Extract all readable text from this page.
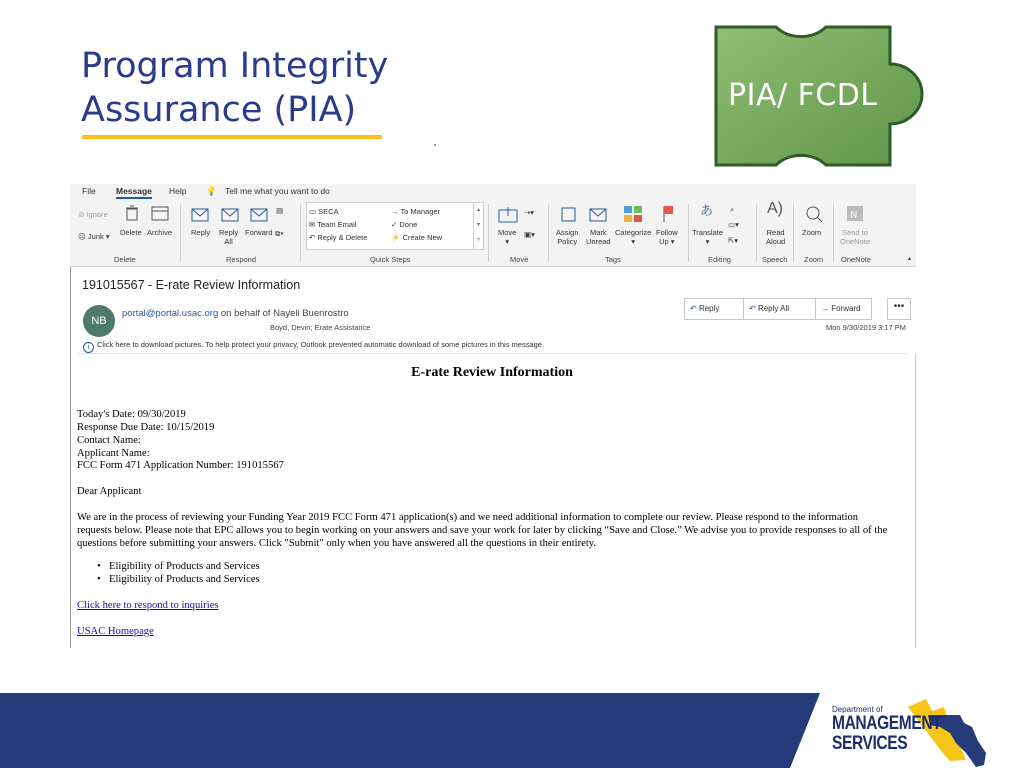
Program Integrity
Assurance (PIA)	PIA/ FCDL
File Message Help 💡 Tell me what you want to do
⊘ Ignore
☹ Junk ▾ Delete Archive
Delete
Reply Reply
All
Forward
▤
⧉▾
Respond
▭ SECA
✉ Team Email
↶ Reply & Delete
→ To Manager
✓ Done
⚡ Create New
▴
▾
▿
Quick Steps
Move
▾
⇢▾
▣▾
Move
Assign
Policy
Mark
Unread
Categorize
▾
Follow
Up ▾
Tags
あ
Translate
▾
⌕
▭▾
⇱▾
Editing
A)
Read
Aloud
Speech
Zoom
Zoom
N
Send to
OneNote
OneNote	▴
191015567 - E-rate Review Information
NB
portal@portal.usac.org on behalf of Nayeli Buenrostro
Boyd, Devin; Erate Assistance
↶ Reply	↶ Reply All	→ Forward	•••
Mon 9/30/2019 3:17 PM
i Click here to download pictures. To help protect your privacy, Outlook prevented automatic download of some pictures in this message.
E-rate Review Information
Today's Date: 09/30/2019
Response Due Date: 10/15/2019
Contact Name:
Applicant Name:
FCC Form 471 Application Number: 191015567
Dear Applicant
We are in the process of reviewing your Funding Year 2019 FCC Form 471 application(s) and we need additional information to complete our review. Please respond to the information
requests below. Please note that EPC allows you to begin working on your answers and save your work for later by clicking “Save and Close.” We advise you to provide responses to all of the
questions before submitting your answers. Click "Submit" only when you have answered all the questions in their entirety.
• Eligibility of Products and Services
• Eligibility of Products and Services
Click here to respond to inquiries
USAC Homepage
Department of
MANAGEMENT
SERVICES
